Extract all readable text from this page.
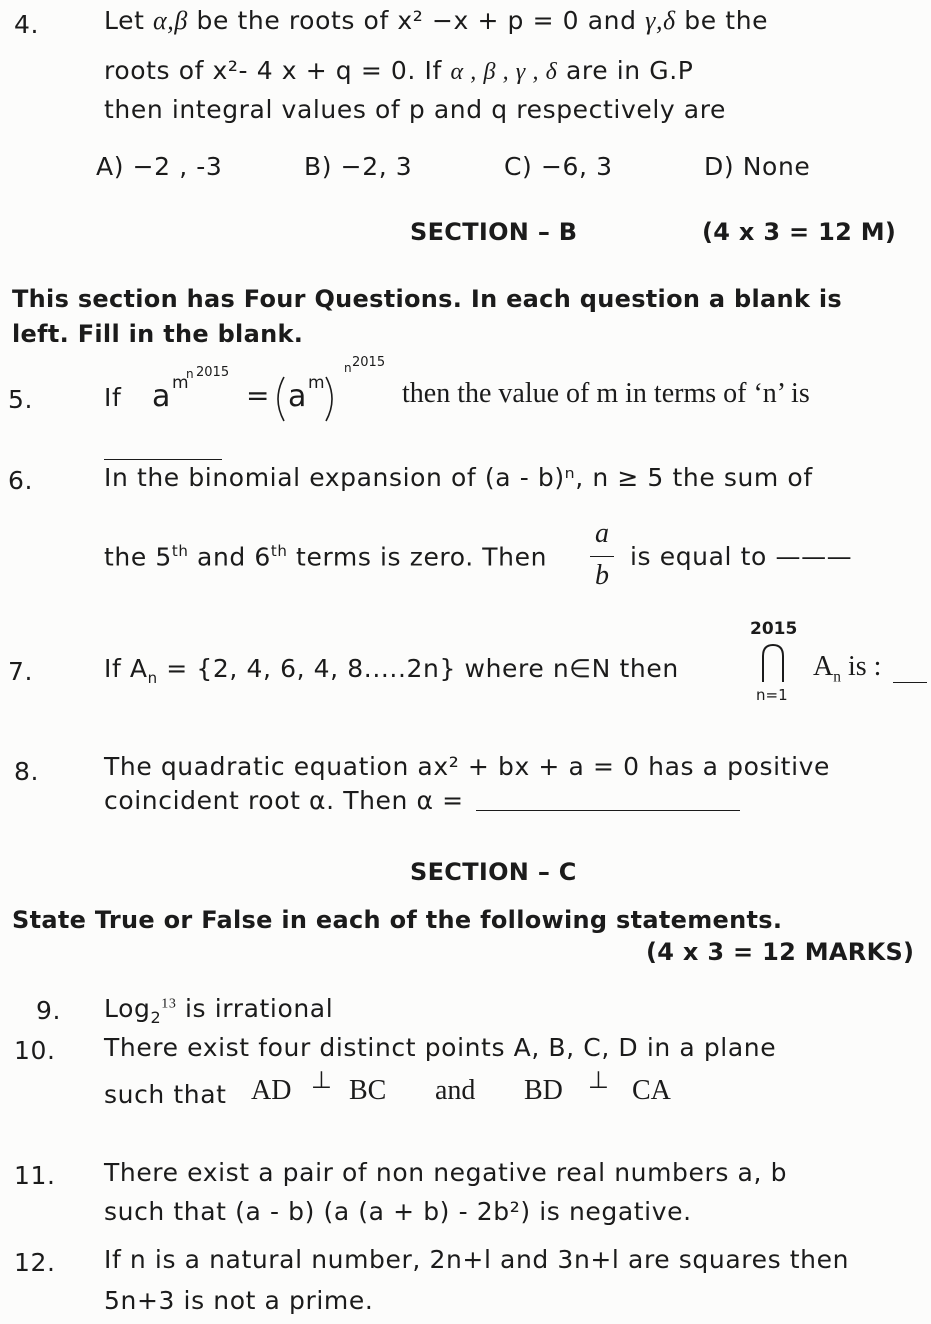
4.	Let α,β be the roots of x² −x + p = 0 and γ,δ be the
roots of x²- 4 x + q = 0. If α , β , γ , δ are in G.P
then integral values of p and q respectively are
A) −2 , -3	B) −2, 3	C) −6, 3	D) None
SECTION – B	(4 x 3 = 12 M)
This section has Four Questions. In each question a blank is
left. Fill in the blank.
5.	If a m
n 2015
= a m
n 2015
then the value of m in terms of ‘n’ is
6.	In the binomial expansion of (a - b)ⁿ, n ≥ 5 the sum of
the 5th and 6th terms is zero. Then
a
b
is equal to ———
7.	If $A_n = \{2$, 4, 6, 4, 8.....2n} where n∈N then
2015
n=1
$A_n$ is :
8.	The quadratic equation ax² + bx + a = 0 has a positive
coincident root α. Then α =
SECTION – C
State True or False in each of the following statements.
(4 x 3 = 12 MARKS)
9. Log$_2^{13}$ is irrational
10. There exist four distinct points A, B, C, D in a plane
such that AD ⊥ BC and BD ⊥ CA
11. There exist a pair of non negative real numbers a, b
such that (a - b) (a (a + b) - 2b²) is negative.
12. If n is a natural number, 2n+l and 3n+l are squares then
5n+3 is not a prime.
